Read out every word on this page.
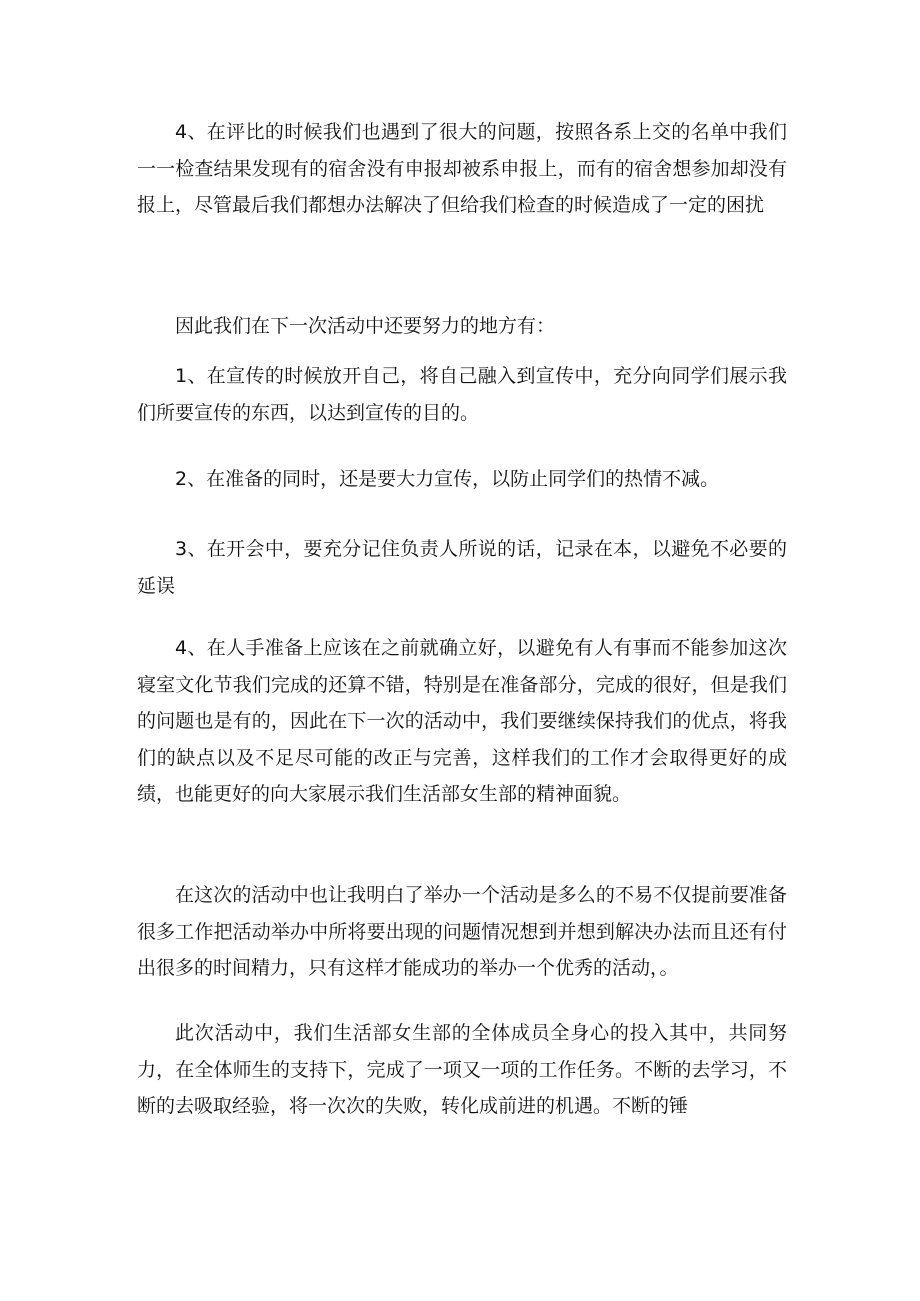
4、在评比的时候我们也遇到了很大的问题，按照各系上交的名单中我们一一检查结果发现有的宿舍没有申报却被系申报上，而有的宿舍想参加却没有报上，尽管最后我们都想办法解决了但给我们检查的时候造成了一定的困扰

因此我们在下一次活动中还要努力的地方有：

1、在宣传的时候放开自己，将自己融入到宣传中，充分向同学们展示我们所要宣传的东西，以达到宣传的目的。

2、在准备的同时，还是要大力宣传，以防止同学们的热情不减。

3、在开会中，要充分记住负责人所说的话，记录在本，以避免不必要的延误

4、在人手准备上应该在之前就确立好，以避免有人有事而不能参加这次寝室文化节我们完成的还算不错，特别是在准备部分，完成的很好，但是我们的问题也是有的，因此在下一次的活动中，我们要继续保持我们的优点，将我们的缺点以及不足尽可能的改正与完善，这样我们的工作才会取得更好的成绩，也能更好的向大家展示我们生活部女生部的精神面貌。

在这次的活动中也让我明白了举办一个活动是多么的不易不仅提前要准备很多工作把活动举办中所将要出现的问题情况想到并想到解决办法而且还有付出很多的时间精力，只有这样才能成功的举办一个优秀的活动，。

此次活动中，我们生活部女生部的全体成员全身心的投入其中，共同努力，在全体师生的支持下，完成了一项又一项的工作任务。不断的去学习，不断的去吸取经验，将一次次的失败，转化成前进的机遇。不断的锤
